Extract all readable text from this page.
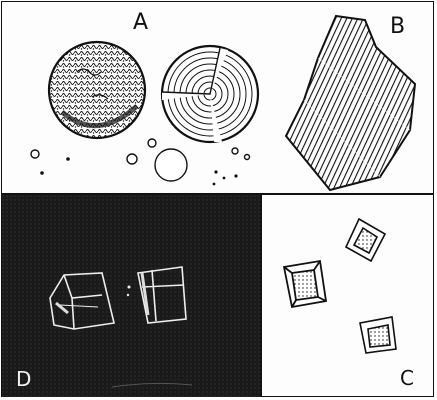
A	B
D	C
